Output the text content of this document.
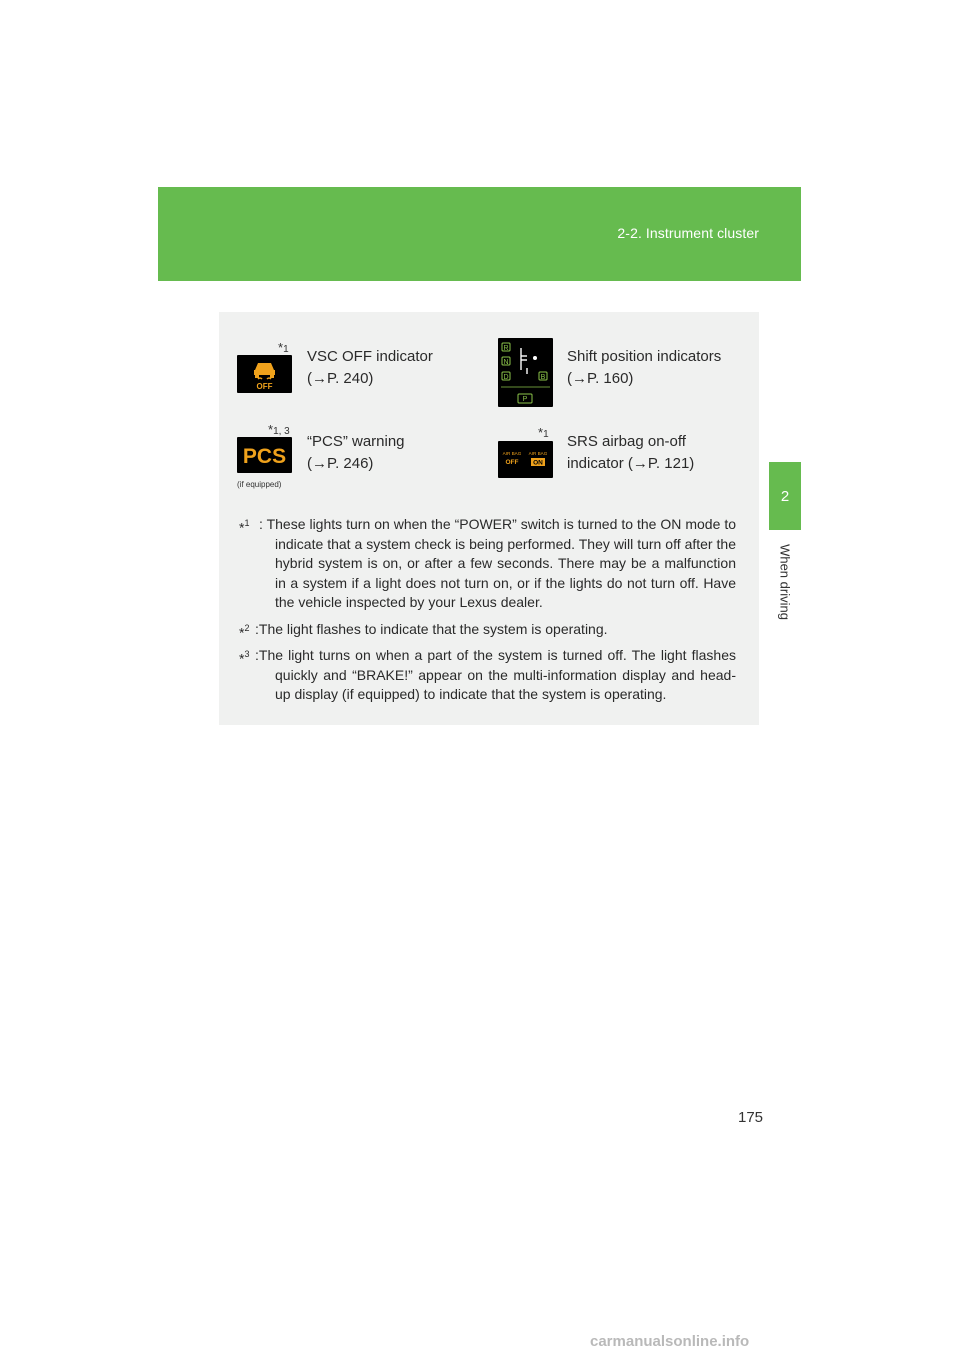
2-2. Instrument cluster
2
When driving
*1
OFF
VSC OFF indicator
(→P. 240)
R
N
D	B
P
Shift position indicators
(→P. 160)
*1, 3
PCS
(if equipped)
“PCS” warning
(→P. 246)
*1
AIR BAG AIR BAG
OFF ON
SRS airbag on-off
indicator (→P. 121)
*$^1$ : These lights turn on when the “POWER” switch is turned to the ON mode to indicate that a system check is being performed. They will turn off after the hybrid system is on, or after a few seconds. There may be a malfunction in a system if a light does not turn on, or if the lights do not turn off. Have the vehicle inspected by your Lexus dealer.
*$^2$ :The light flashes to indicate that the system is operating.
*$^3$ :The light turns on when a part of the system is turned off. The light flashes quickly and “BRAKE!” appear on the multi-information display and head-up display (if equipped) to indicate that the system is operating.
175
carmanualsonline.info
